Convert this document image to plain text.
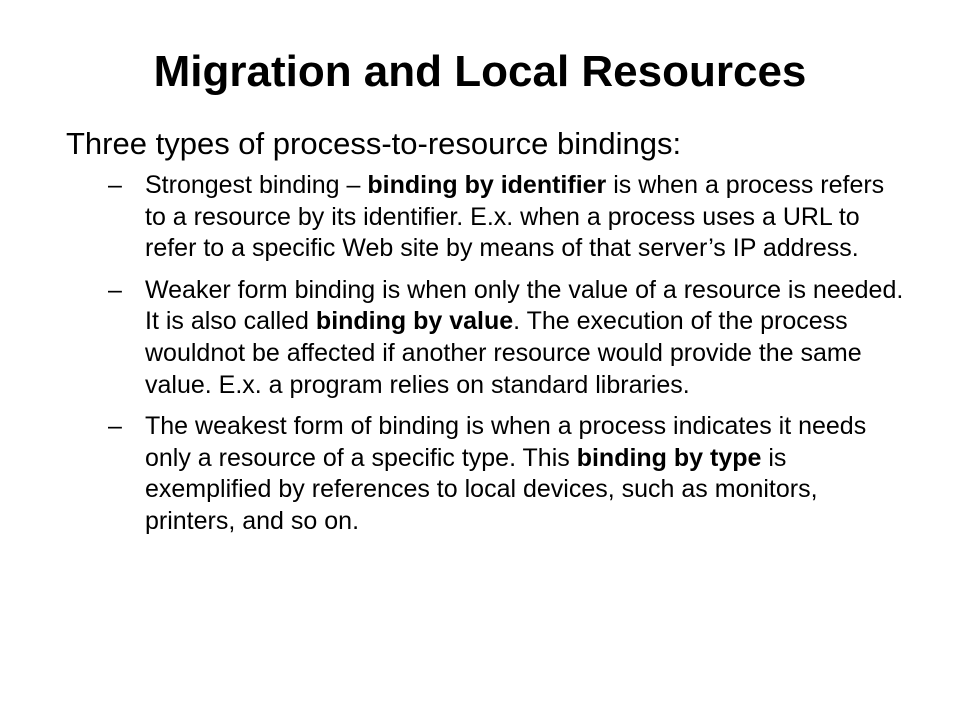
Migration and Local Resources
Three types of process-to-resource bindings:
– Strongest binding – binding by identifier is when a process refers to a resource by its identifier. E.x. when a process uses a URL to refer to a specific Web site by means of that server’s IP address.
– Weaker form binding is when only the value of a resource is needed. It is also called binding by value. The execution of the process wouldnot be affected if another resource would provide the same value. E.x. a program relies on standard libraries.
– The weakest form of binding is when a process indicates it needs only a resource of a specific type. This binding by type is exemplified by references to local devices, such as monitors, printers, and so on.
